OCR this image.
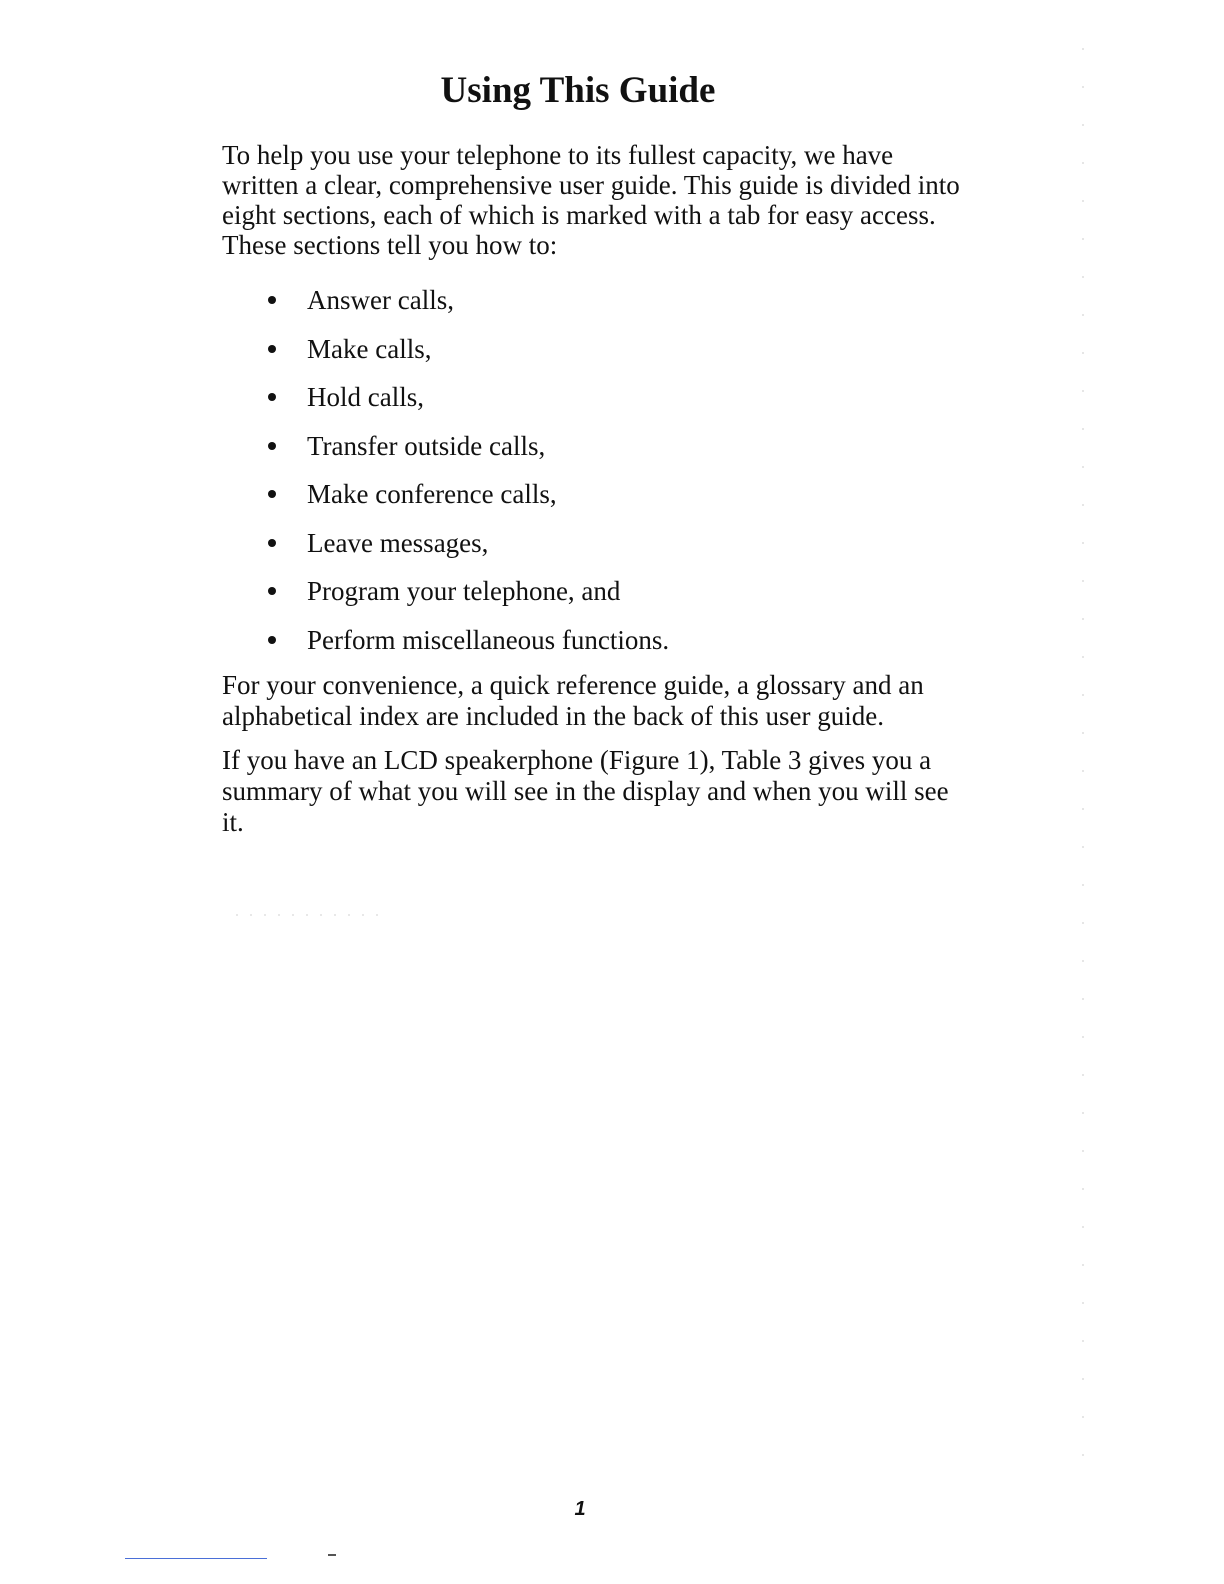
Using This Guide

To help you use your telephone to its fullest capacity, we have written a clear, comprehensive user guide. This guide is divided into eight sections, each of which is marked with a tab for easy access. These sections tell you how to:

Answer calls,
Make calls,
Hold calls,
Transfer outside calls,
Make conference calls,
Leave messages,
Program your telephone, and
Perform miscellaneous functions.

For your convenience, a quick reference guide, a glossary and an alphabetical index are included in the back of this user guide.

If you have an LCD speakerphone (Figure 1), Table 3 gives you a summary of what you will see in the display and when you will see it.

1
